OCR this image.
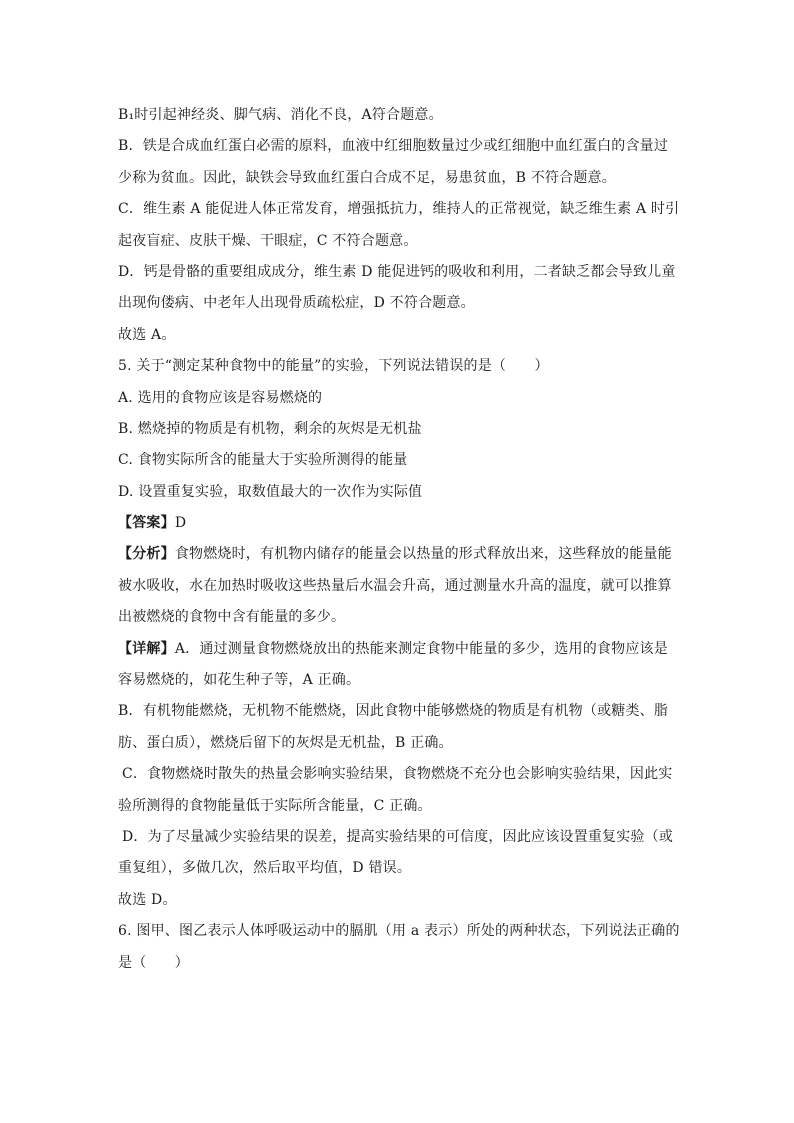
B₁时引起神经炎、脚气病、消化不良，A符合题意。
B．铁是合成血红蛋白必需的原料，血液中红细胞数量过少或红细胞中血红蛋白的含量过
少称为贫血。因此，缺铁会导致血红蛋白合成不足，易患贫血，B 不符合题意。
C．维生素 A 能促进人体正常发育，增强抵抗力，维持人的正常视觉，缺乏维生素 A 时引
起夜盲症、皮肤干燥、干眼症，C 不符合题意。
D．钙是骨骼的重要组成成分，维生素 D 能促进钙的吸收和利用，二者缺乏都会导致儿童
出现佝偻病、中老年人出现骨质疏松症，D 不符合题意。
故选 A。
5. 关于“测定某种食物中的能量”的实验，下列说法错误的是（　　）
A. 选用的食物应该是容易燃烧的
B. 燃烧掉的物质是有机物，剩余的灰烬是无机盐
C. 食物实际所含的能量大于实验所测得的能量
D. 设置重复实验，取数值最大的一次作为实际值
【答案】D
【分析】食物燃烧时，有机物内储存的能量会以热量的形式释放出来，这些释放的能量能
被水吸收，水在加热时吸收这些热量后水温会升高，通过测量水升高的温度，就可以推算
出被燃烧的食物中含有能量的多少。
【详解】A．通过测量食物燃烧放出的热能来测定食物中能量的多少，选用的食物应该是
容易燃烧的，如花生种子等，A 正确。
B．有机物能燃烧，无机物不能燃烧，因此食物中能够燃烧的物质是有机物（或糖类、脂
肪、蛋白质），燃烧后留下的灰烬是无机盐，B 正确。
C．食物燃烧时散失的热量会影响实验结果，食物燃烧不充分也会影响实验结果，因此实
验所测得的食物能量低于实际所含能量，C 正确。
D．为了尽量减少实验结果的误差，提高实验结果的可信度，因此应该设置重复实验（或
重复组），多做几次，然后取平均值，D 错误。
故选 D。
6. 图甲、图乙表示人体呼吸运动中的膈肌（用 a 表示）所处的两种状态，下列说法正确的
是（　　）
